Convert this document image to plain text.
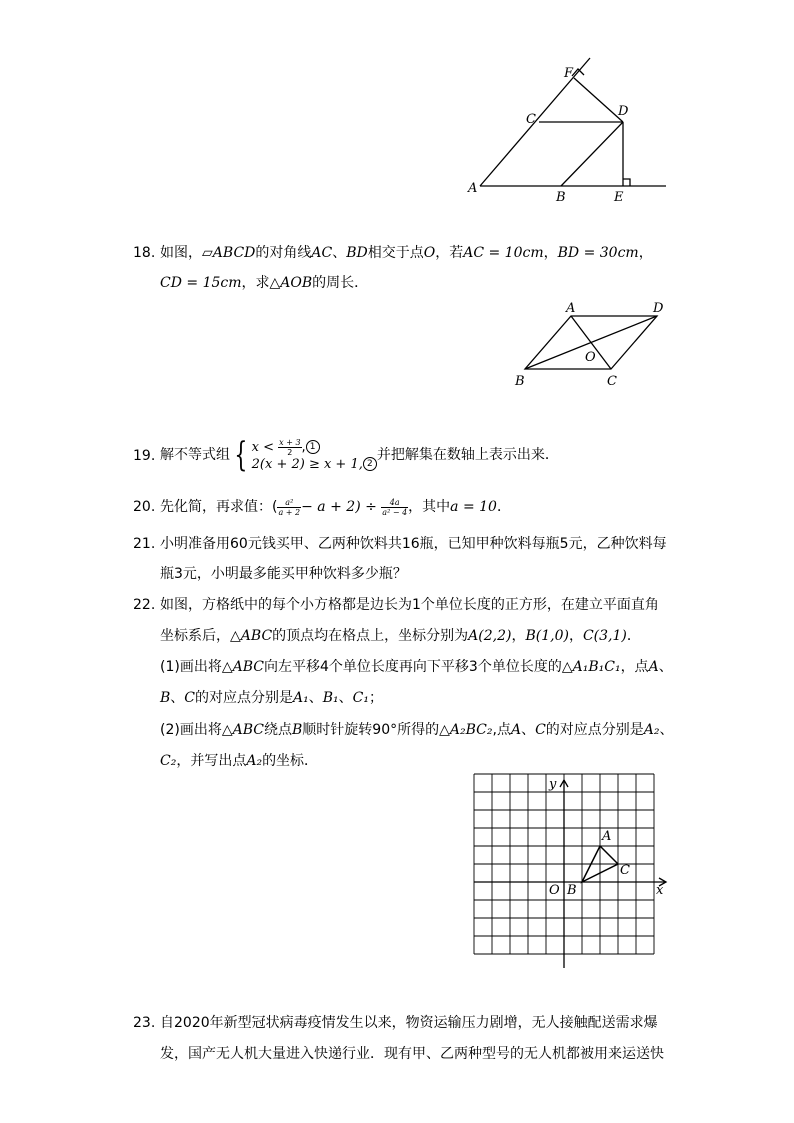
F
D
C
A
B	E
18. 如图，▱ABCD的对角线AC、BD相交于点O，若AC = 10cm，BD = 30cm，
CD = 15cm，求△AOB的周长．
A	D
O
B	C
19. 解不等式组 { $x < \frac{x + 3}{2}$ , 1
2(x + 2) ≥ x + 1, 2
并把解集在数轴上表示出来．
20. 先化简，再求值：( $\frac{\text{a²}}{a + 2} - a + 2) \div \frac{4a}{\text{a² − 4}}$ ，其中a = 10．
21. 小明准备用60元钱买甲、乙两种饮料共16瓶，已知甲种饮料每瓶5元，乙种饮料每
瓶3元，小明最多能买甲种饮料多少瓶？
22. 如图，方格纸中的每个小方格都是边长为1个单位长度的正方形，在建立平面直角
坐标系后，△ABC的顶点均在格点上，坐标分别为A(2,2)，B(1,0)，C(3,1)．
(1)画出将△ABC向左平移4个单位长度再向下平移3个单位长度的△A₁B₁C₁，点A、
B、C的对应点分别是A₁、B₁、C₁；
(2)画出将△ABC绕点B顺时针旋转90°所得的△A₂BC₂,点A、C的对应点分别是A₂、
C₂，并写出点A₂的坐标．
y
x
O B
A
C
23. 自2020年新型冠状病毒疫情发生以来，物资运输压力剧增，无人接触配送需求爆
发，国产无人机大量进入快递行业．现有甲、乙两种型号的无人机都被用来运送快
